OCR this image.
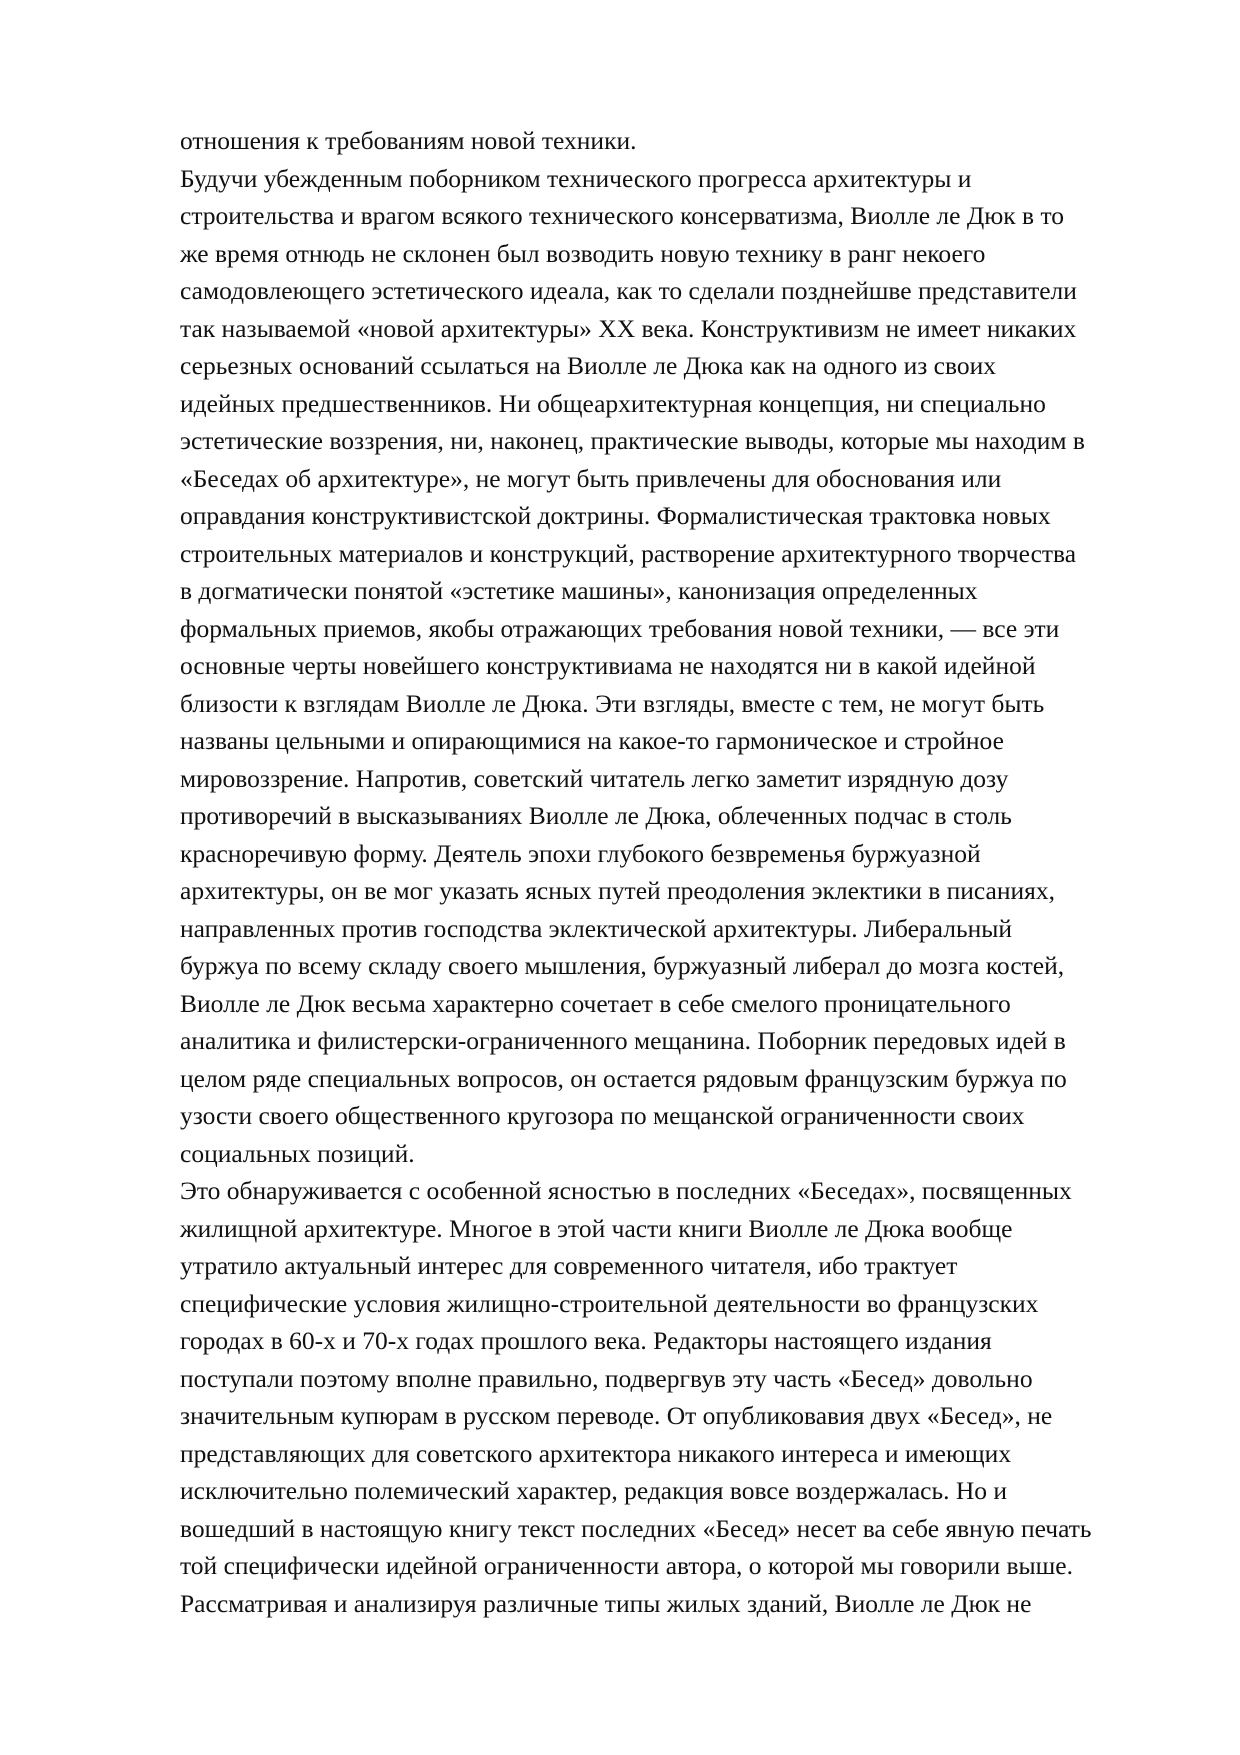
отношения к требованиям новой техники.
Будучи убежденным поборником технического прогресса архитектуры и
строительства и врагом всякого технического консерватизма, Виолле ле Дюк в то
же время отнюдь не склонен был возводить новую технику в ранг некоего
самодовлеющего эстетического идеала, как то сделали позднейшве представители
так называемой «новой архитектуры» XX века. Конструктивизм не имеет никаких
серьезных оснований ссылаться на Виолле ле Дюка как на одного из своих
идейных предшественников. Ни общеархитектурная концепция, ни специально
эстетические воззрения, ни, наконец, практические выводы, которые мы находим в
«Беседах об архитектуре», не могут быть привлечены для обоснования или
оправдания конструктивистской доктрины. Формалистическая трактовка новых
строительных материалов и конструкций, растворение архитектурного творчества
в догматически понятой «эстетике машины», канонизация определенных
формальных приемов, якобы отражающих требования новой техники, — все эти
основные черты новейшего конструктивиама не находятся ни в какой идейной
близости к взглядам Виолле ле Дюка. Эти взгляды, вместе с тем, не могут быть
названы цельными и опирающимися на какое-то гармоническое и стройное
мировоззрение. Напротив, советский читатель легко заметит изрядную дозу
противоречий в высказываниях Виолле ле Дюка, облеченных подчас в столь
красноречивую форму. Деятель эпохи глубокого безвременья буржуазной
архитектуры, он ве мог указать ясных путей преодоления эклектики в писаниях,
направленных против господства эклектической архитектуры. Либеральный
буржуа по всему складу своего мышления, буржуазный либерал до мозга костей,
Виолле ле Дюк весьма характерно сочетает в себе смелого проницательного
аналитика и филистерски-ограниченного мещанина. Поборник передовых идей в
целом ряде специальных вопросов, он остается рядовым французским буржуа по
узости своего общественного кругозора по мещанской ограниченности своих
социальных позиций.
Это обнаруживается с особенной ясностью в последних «Беседах», посвященных
жилищной архитектуре. Многое в этой части книги Виолле ле Дюка вообще
утратило актуальный интерес для современного читателя, ибо трактует
специфические условия жилищно-строительной деятельности во французских
городах в 60-х и 70-х годах прошлого века. Редакторы настоящего издания
поступали поэтому вполне правильно, подвергвув эту часть «Бесед» довольно
значительным купюрам в русском переводе. От опубликовавия двух «Бесед», не
представляющих для советского архитектора никакого интереса и имеющих
исключительно полемический характер, редакция вовсе воздержалась. Но и
вошедший в настоящую книгу текст последних «Бесед» несет ва себе явную печать
той специфически идейной ограниченности автора, о которой мы говорили выше.
Рассматривая и анализируя различные типы жилых зданий, Виолле ле Дюк не
